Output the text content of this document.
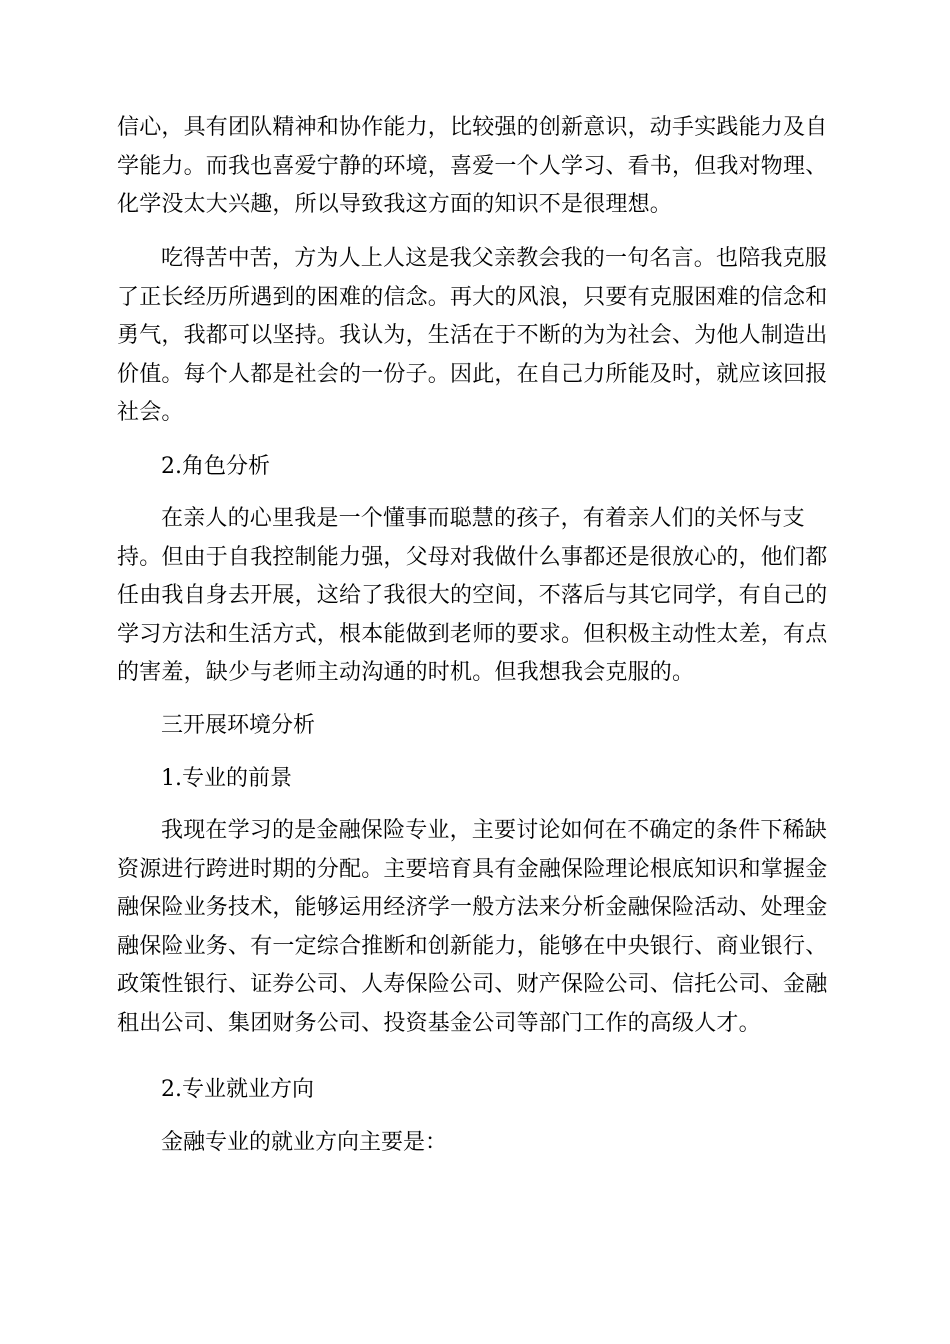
信心，具有团队精神和协作能力，比较强的创新意识，动手实践能力及自学能力。而我也喜爱宁静的环境，喜爱一个人学习、看书，但我对物理、化学没太大兴趣，所以导致我这方面的知识不是很理想。

吃得苦中苦，方为人上人这是我父亲教会我的一句名言。也陪我克服了正长经历所遇到的困难的信念。再大的风浪，只要有克服困难的信念和勇气，我都可以坚持。我认为，生活在于不断的为为社会、为他人制造出价值。每个人都是社会的一份子。因此，在自己力所能及时，就应该回报社会。

2.角色分析

在亲人的心里我是一个懂事而聪慧的孩子，有着亲人们的关怀与支持。但由于自我控制能力强，父母对我做什么事都还是很放心的，他们都任由我自身去开展，这给了我很大的空间，不落后与其它同学，有自己的学习方法和生活方式，根本能做到老师的要求。但积极主动性太差，有点的害羞，缺少与老师主动沟通的时机。但我想我会克服的。

三开展环境分析

1.专业的前景

我现在学习的是金融保险专业，主要讨论如何在不确定的条件下稀缺资源进行跨进时期的分配。主要培育具有金融保险理论根底知识和掌握金融保险业务技术，能够运用经济学一般方法来分析金融保险活动、处理金融保险业务、有一定综合推断和创新能力，能够在中央银行、商业银行、政策性银行、证券公司、人寿保险公司、财产保险公司、信托公司、金融租出公司、集团财务公司、投资基金公司等部门工作的高级人才。

2.专业就业方向

金融专业的就业方向主要是：
